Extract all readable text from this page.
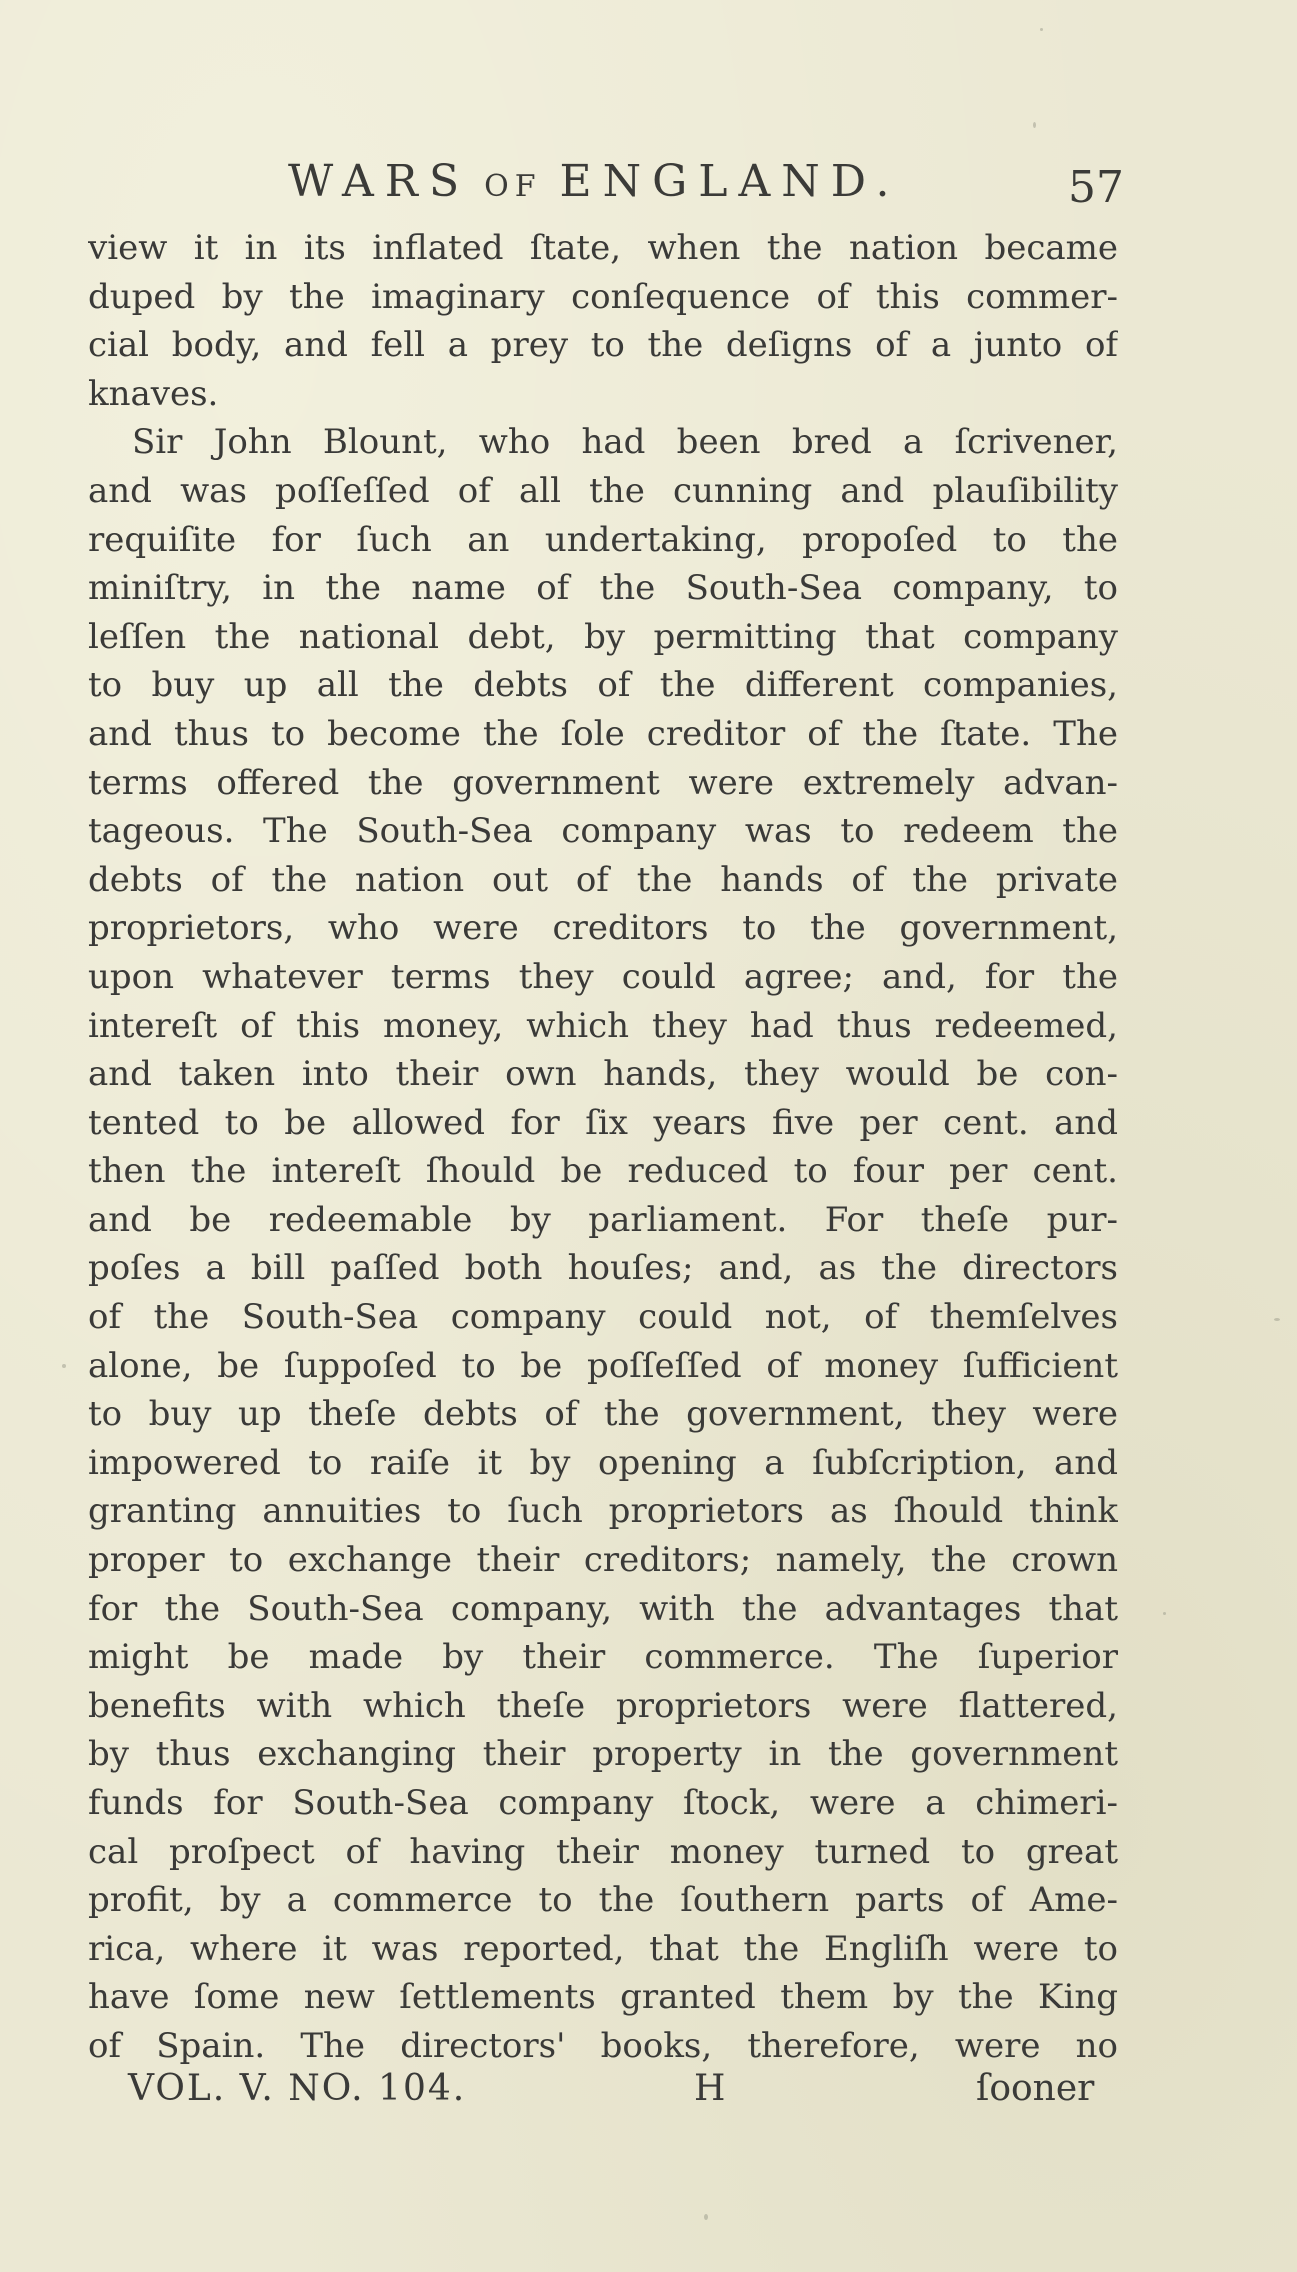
WARS OF ENGLAND.	57
view it in its inflated ſtate, when the nation became
duped by the imaginary conſequence of this commer-
cial body, and fell a prey to the deſigns of a junto of
knaves.
Sir John Blount, who had been bred a ſcrivener,
and was poſſeſſed of all the cunning and plauſibility
requiſite for ſuch an undertaking, propoſed to the
miniſtry, in the name of the South-Sea company, to
leſſen the national debt, by permitting that company
to buy up all the debts of the different companies,
and thus to become the ſole creditor of the ſtate. The
terms offered the government were extremely advan-
tageous. The South-Sea company was to redeem the
debts of the nation out of the hands of the private
proprietors, who were creditors to the government,
upon whatever terms they could agree; and, for the
intereſt of this money, which they had thus redeemed,
and taken into their own hands, they would be con-
tented to be allowed for ſix years five per cent. and
then the intereſt ſhould be reduced to four per cent.
and be redeemable by parliament. For theſe pur-
poſes a bill paſſed both houſes; and, as the directors
of the South-Sea company could not, of themſelves
alone, be ſuppoſed to be poſſeſſed of money ſufficient
to buy up theſe debts of the government, they were
impowered to raiſe it by opening a ſubſcription, and
granting annuities to ſuch proprietors as ſhould think
proper to exchange their creditors; namely, the crown
for the South-Sea company, with the advantages that
might be made by their commerce. The ſuperior
benefits with which theſe proprietors were flattered,
by thus exchanging their property in the government
funds for South-Sea company ſtock, were a chimeri-
cal proſpect of having their money turned to great
profit, by a commerce to the ſouthern parts of Ame-
rica, where it was reported, that the Engliſh were to
have ſome new ſettlements granted them by the King
of Spain. The directors' books, therefore, were no
VOL. V. NO. 104.	H	ſooner
